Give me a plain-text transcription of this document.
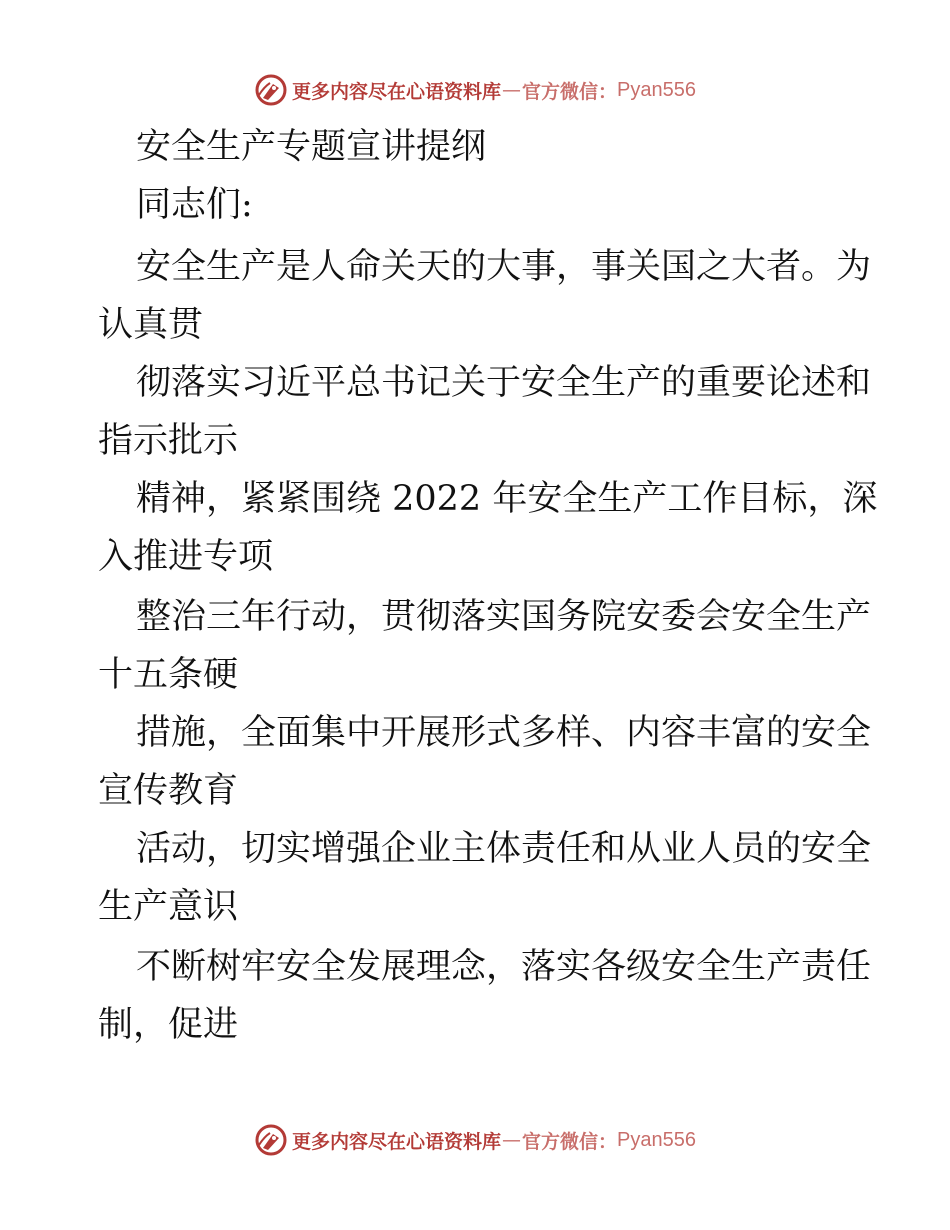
更多内容尽在心语资料库 — 官方微信： Pyan556
安全生产专题宣讲提纲
同志们:
安全生产是人命关天的大事，事关国之大者。为
认真贯
彻落实习近平总书记关于安全生产的重要论述和
指示批示
精神，紧紧围绕 2022 年安全生产工作目标，深
入推进专项
整治三年行动，贯彻落实国务院安委会安全生产
十五条硬
措施，全面集中开展形式多样、内容丰富的安全
宣传教育
活动，切实增强企业主体责任和从业人员的安全
生产意识
不断树牢安全发展理念，落实各级安全生产责任
制，促进
更多内容尽在心语资料库 — 官方微信： Pyan556
